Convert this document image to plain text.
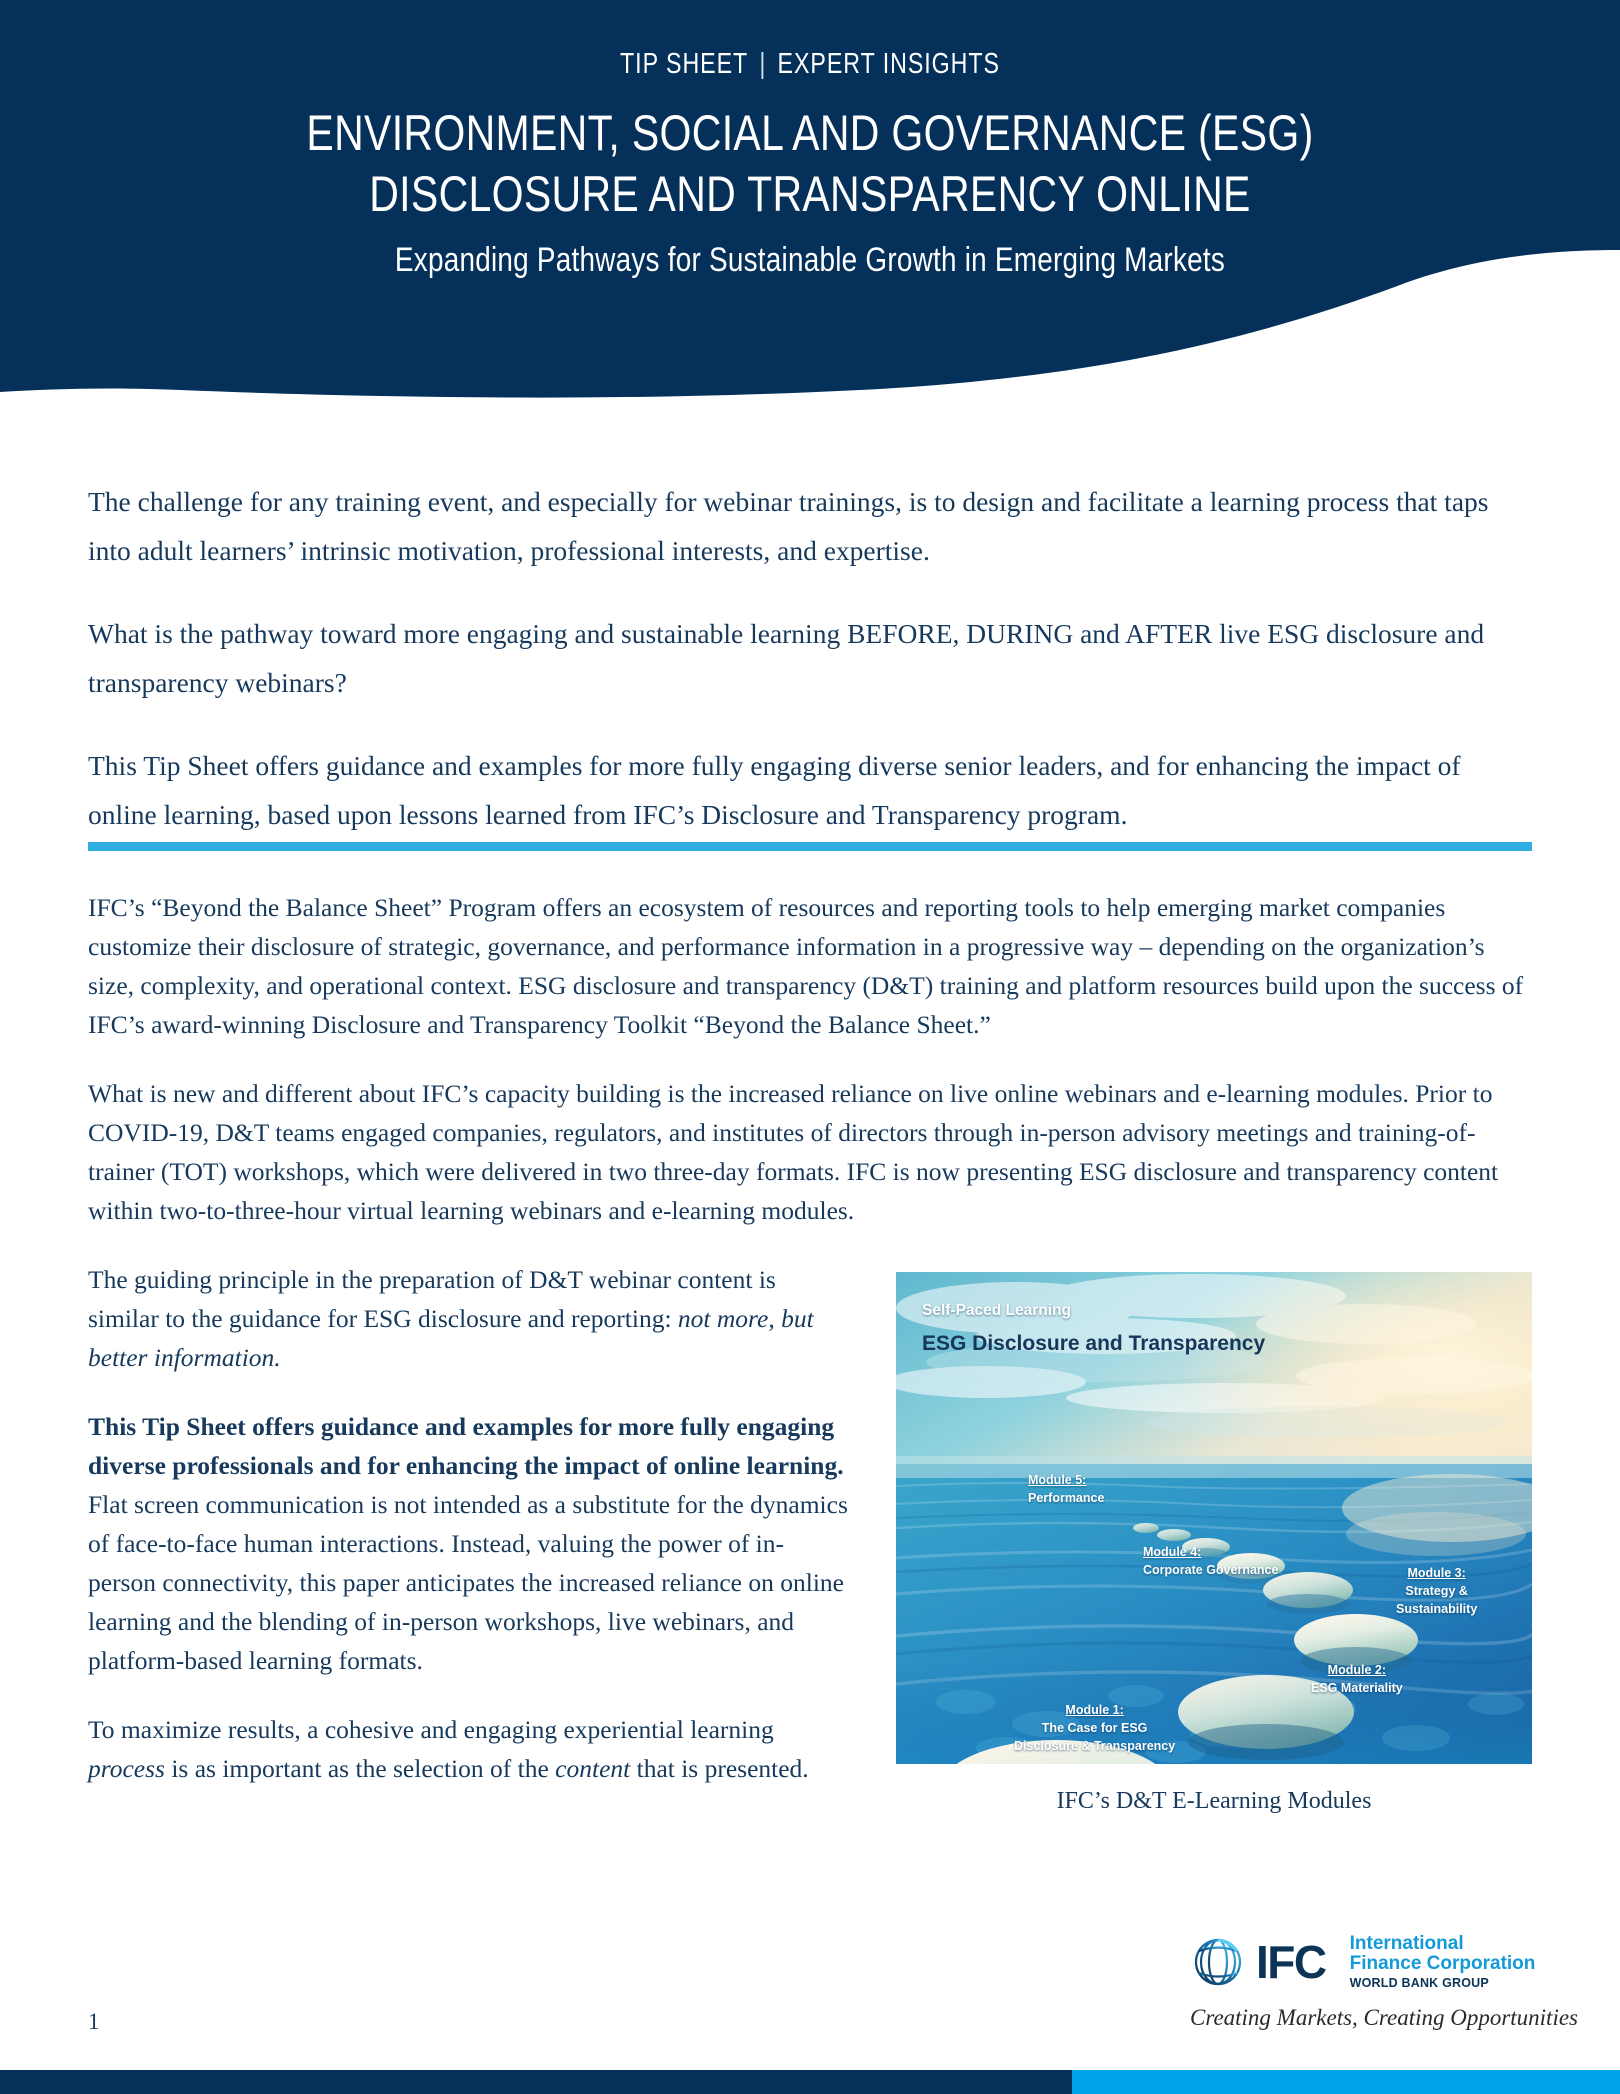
TIP SHEET | EXPERT INSIGHTS
ENVIRONMENT, SOCIAL AND GOVERNANCE (ESG)
DISCLOSURE AND TRANSPARENCY ONLINE
Expanding Pathways for Sustainable Growth in Emerging Markets

The challenge for any training event, and especially for webinar trainings, is to design and facilitate a learning process that taps into adult learners’ intrinsic motivation, professional interests, and expertise.

What is the pathway toward more engaging and sustainable learning BEFORE, DURING and AFTER live ESG disclosure and transparency webinars?

This Tip Sheet offers guidance and examples for more fully engaging diverse senior leaders, and for enhancing the impact of online learning, based upon lessons learned from IFC’s Disclosure and Transparency program.

IFC’s “Beyond the Balance Sheet” Program offers an ecosystem of resources and reporting tools to help emerging market companies customize their disclosure of strategic, governance, and performance information in a progressive way – depending on the organization’s size, complexity, and operational context. ESG disclosure and transparency (D&T) training and platform resources build upon the success of IFC’s award-winning Disclosure and Transparency Toolkit “Beyond the Balance Sheet.”

What is new and different about IFC’s capacity building is the increased reliance on live online webinars and e-learning modules. Prior to COVID-19, D&T teams engaged companies, regulators, and institutes of directors through in-person advisory meetings and training-of-trainer (TOT) workshops, which were delivered in two three-day formats. IFC is now presenting ESG disclosure and transparency content within two-to-three-hour virtual learning webinars and e-learning modules.

Self-Paced Learning
ESG Disclosure and Transparency
Module 5:
Performance
Module 4:
Corporate Governance	Module 3:
Strategy &
Sustainability
Module 2:
ESG Materiality
Module 1:
The Case for ESG
Disclosure & Transparency
IFC’s D&T E-Learning Modules

The guiding principle in the preparation of D&T webinar content is similar to the guidance for ESG disclosure and reporting: not more, but better information.

This Tip Sheet offers guidance and examples for more fully engaging diverse professionals and for enhancing the impact of online learning. Flat screen communication is not intended as a substitute for the dynamics of face-to-face human interactions. Instead, valuing the power of in-person connectivity, this paper anticipates the increased reliance on online learning and the blending of in-person workshops, live webinars, and platform-based learning formats.

To maximize results, a cohesive and engaging experiential learning process is as important as the selection of the content that is presented.

1
IFC International
Finance Corporation
WORLD BANK GROUP
Creating Markets, Creating Opportunities
